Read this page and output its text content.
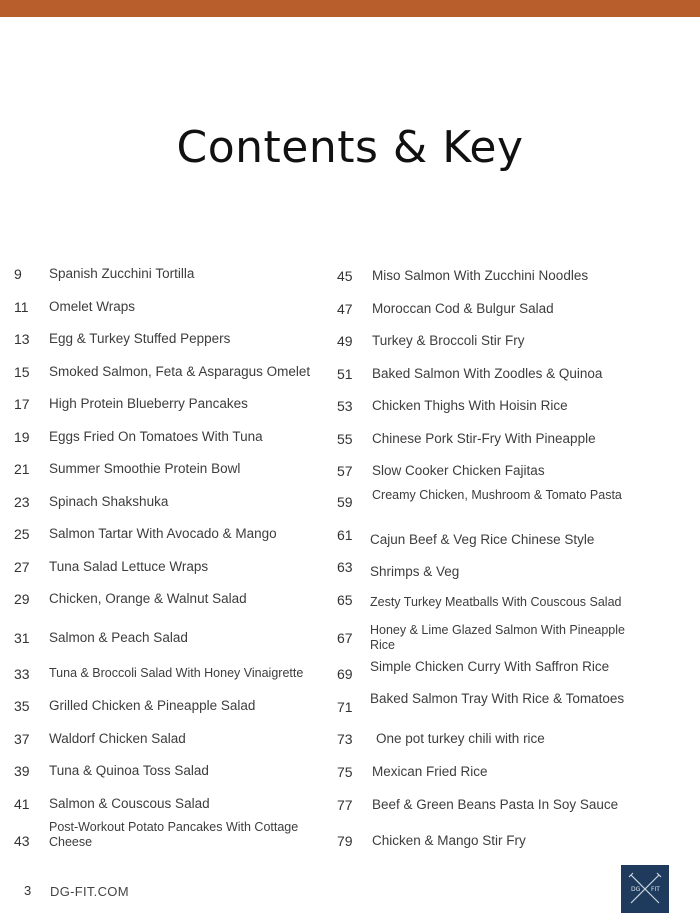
Contents & Key
9	Spanish Zucchini Tortilla
11	Omelet Wraps
13	Egg & Turkey Stuffed Peppers
15	Smoked Salmon, Feta & Asparagus Omelet
17	High Protein Blueberry Pancakes
19	Eggs Fried On Tomatoes With Tuna
21	Summer Smoothie Protein Bowl
23	Spinach Shakshuka
25	Salmon Tartar With Avocado & Mango
27	Tuna Salad Lettuce Wraps
29	Chicken, Orange & Walnut Salad
31	Salmon & Peach Salad
33	Tuna & Broccoli Salad With Honey Vinaigrette
35	Grilled Chicken & Pineapple Salad
37	Waldorf Chicken Salad
39	Tuna & Quinoa Toss Salad
41	Salmon & Couscous Salad
43
Post-Workout Potato Pancakes With Cottage Cheese
45	Miso Salmon With Zucchini Noodles
47	Moroccan Cod & Bulgur Salad
49	Turkey & Broccoli Stir Fry
51	Baked Salmon With Zoodles & Quinoa
53	Chicken Thighs With Hoisin Rice
55	Chinese Pork Stir-Fry With Pineapple
57	Slow Cooker Chicken Fajitas
59	Creamy Chicken, Mushroom & Tomato Pasta
61	Cajun Beef & Veg Rice Chinese Style
63	Shrimps & Veg
65	Zesty Turkey Meatballs With Couscous Salad
67	Honey & Lime Glazed Salmon With Pineapple Rice
69	Simple Chicken Curry With Saffron Rice
71
Baked Salmon Tray With Rice & Tomatoes
73	One pot turkey chili with rice
75	Mexican Fried Rice
77	Beef & Green Beans Pasta In Soy Sauce
79	Chicken & Mango Stir Fry
3 DG-FIT.COM	DG FIT
